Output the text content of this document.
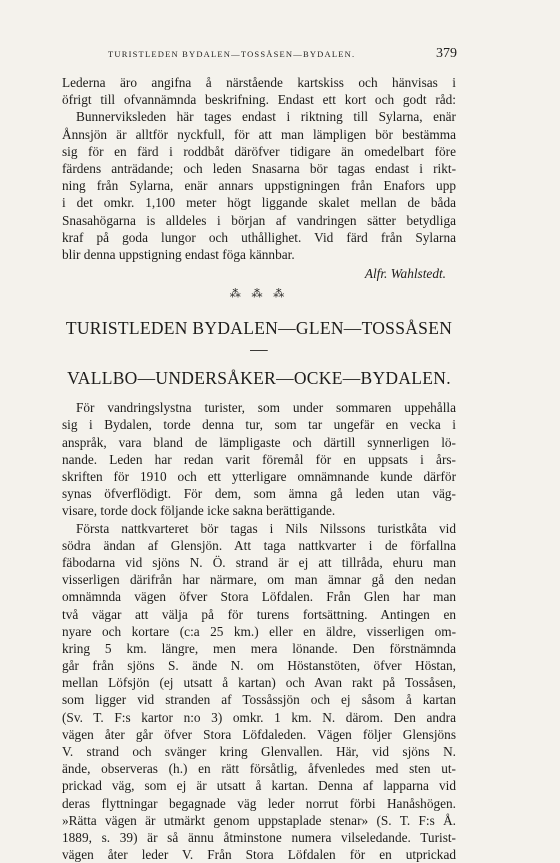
TURISTLEDEN BYDALEN—TOSSÅSEN—BYDALEN.	379
Lederna äro angifna å närstående kartskiss och hänvisas i
öfrigt till ofvannämnda beskrifning. Endast ett kort och godt råd:
Bunnerviksleden här tages endast i riktning till Sylarna, enär
Ånnsjön är alltför nyckfull, för att man lämpligen bör bestämma
sig för en färd i roddbåt däröfver tidigare än omedelbart före
färdens anträdande; och leden Snasarna bör tagas endast i rikt-
ning från Sylarna, enär annars uppstigningen från Enafors upp
i det omkr. 1,100 meter högt liggande skalet mellan de båda
Snasahögarna is alldeles i början af vandringen sätter betydliga
kraf på goda lungor och uthållighet. Vid färd från Sylarna
blir denna uppstigning endast föga kännbar.
Alfr. Wahlstedt.
⁂ ⁂ ⁂
TURISTLEDEN BYDALEN—GLEN—TOSSÅSEN—
VALLBO—UNDERSÅKER—OCKE—BYDALEN.
För vandringslystna turister, som under sommaren uppehålla
sig i Bydalen, torde denna tur, som tar ungefär en vecka i
anspråk, vara bland de lämpligaste och därtill synnerligen lö-
nande. Leden har redan varit föremål för en uppsats i års-
skriften för 1910 och ett ytterligare omnämnande kunde därför
synas öfverflödigt. För dem, som ämna gå leden utan väg-
visare, torde dock följande icke sakna berättigande.
Första nattkvarteret bör tagas i Nils Nilssons turistkåta vid
södra ändan af Glensjön. Att taga nattkvarter i de förfallna
fäbodarna vid sjöns N. Ö. strand är ej att tillråda, ehuru man
visserligen därifrån har närmare, om man ämnar gå den nedan
omnämnda vägen öfver Stora Löfdalen. Från Glen har man
två vägar att välja på för turens fortsättning. Antingen en
nyare och kortare (c:a 25 km.) eller en äldre, visserligen om-
kring 5 km. längre, men mera lönande. Den förstnämnda
går från sjöns S. ände N. om Höstanstöten, öfver Höstan,
mellan Löfsjön (ej utsatt å kartan) och Avan rakt på Tossåsen,
som ligger vid stranden af Tossåssjön och ej såsom å kartan
(Sv. T. F:s kartor n:o 3) omkr. 1 km. N. därom. Den andra
vägen åter går öfver Stora Löfdaleden. Vägen följer Glensjöns
V. strand och svänger kring Glenvallen. Här, vid sjöns N.
ände, observeras (h.) en rätt försåtlig, åfvenledes med sten ut-
prickad väg, som ej är utsatt å kartan. Denna af lapparna vid
deras flyttningar begagnade väg leder norrut förbi Hanåshögen.
»Rätta vägen är utmärkt genom uppstaplade stenar» (S. T. F:s Å.
1889, s. 39) är så ännu åtminstone numera vilseledande. Turist-
vägen åter leder V. Från Stora Löfdalen för en utprickad
